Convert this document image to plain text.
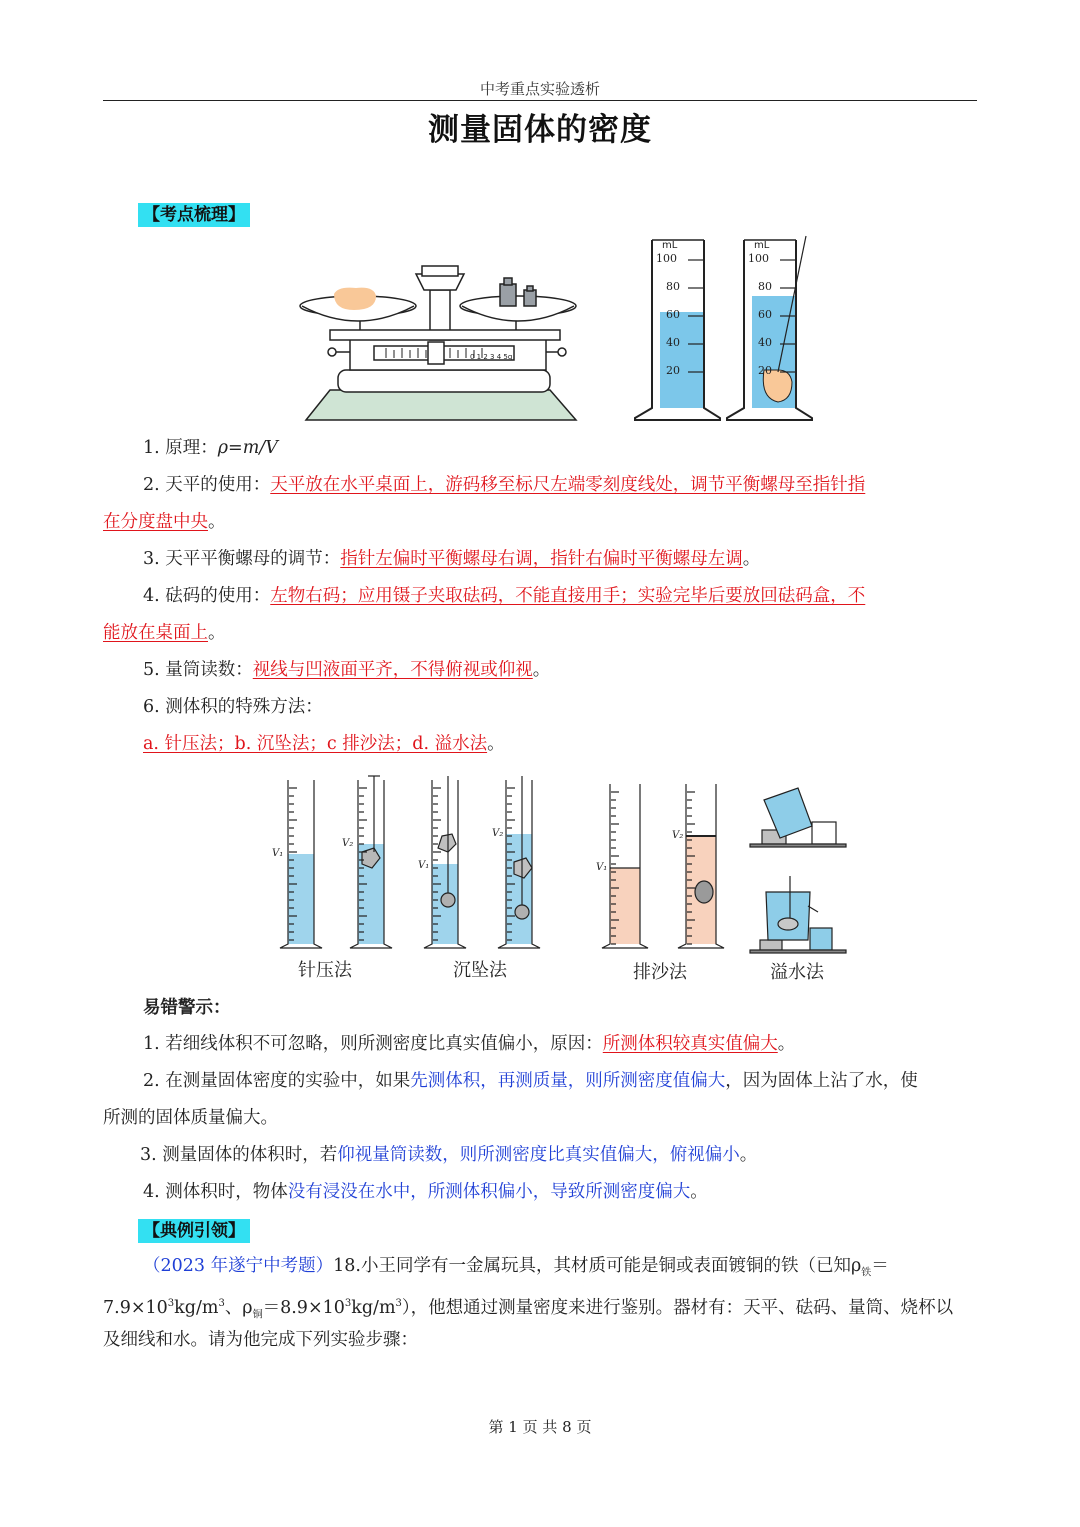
中考重点实验透析
测量固体的密度
【考点梳理】
0 1 2 3 4 5g
mL
100
80
60
40
20
mL
100
80
60
40
20
1. 原理：ρ=m/V
2. 天平的使用：天平放在水平桌面上，游码移至标尺左端零刻度线处，调节平衡螺母至指针指
在分度盘中央。
3. 天平平衡螺母的调节：指针左偏时平衡螺母右调，指针右偏时平衡螺母左调。
4. 砝码的使用：左物右码；应用镊子夹取砝码，不能直接用手；实验完毕后要放回砝码盒，不
能放在桌面上。
5. 量筒读数：视线与凹液面平齐，不得俯视或仰视。
6. 测体积的特殊方法：
a. 针压法；b. 沉坠法；c 排沙法；d. 溢水法。
V₁
V₂
V₁
V₂
V₁
V₂
针压法	沉坠法	排沙法	溢水法
易错警示：
1. 若细线体积不可忽略，则所测密度比真实值偏小，原因：所测体积较真实值偏大。
2. 在测量固体密度的实验中，如果先测体积，再测质量，则所测密度值偏大，因为固体上沾了水，使
所测的固体质量偏大。
3. 测量固体的体积时，若仰视量筒读数，则所测密度比真实值偏大，俯视偏小。
4. 测体积时，物体没有浸没在水中，所测体积偏小，导致所测密度偏大。
【典例引领】
（2023 年遂宁中考题）18.小王同学有一金属玩具，其材质可能是铜或表面镀铜的铁（已知$\rho_铁=$
$7.9\times 10^3kg/m^3$、$\rho_铜=8.9\times 10^3kg/m^3$），他想通过测量密度来进行鉴别。器材有：天平、砝码、量筒、烧杯以
及细线和水。请为他完成下列实验步骤：
第 1 页 共 8 页
